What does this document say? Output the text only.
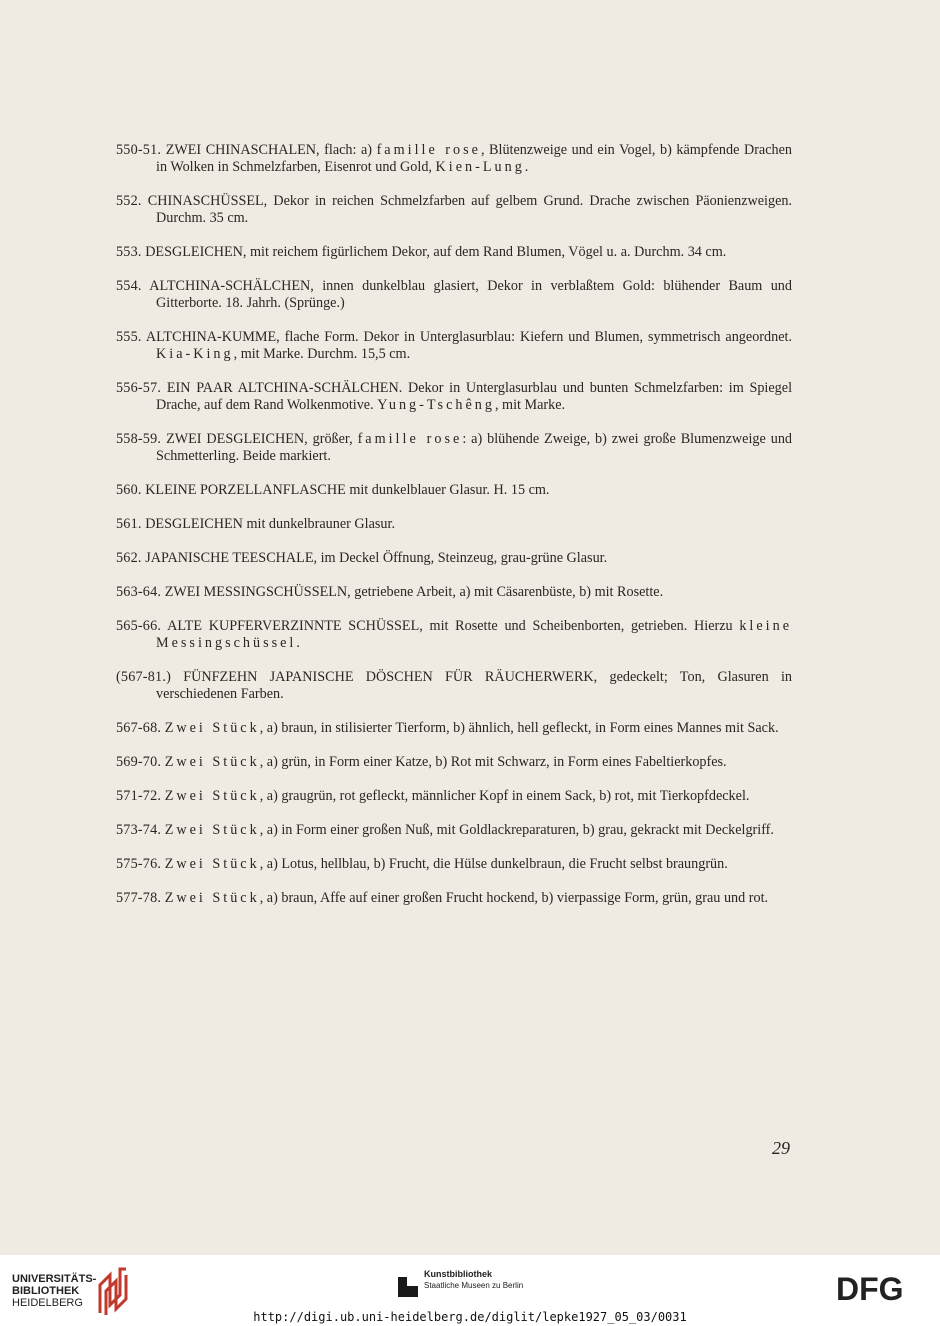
550-51. ZWEI CHINASCHALEN, flach: a) famille rose, Blütenzweige und ein Vogel, b) kämpfende Drachen in Wolken in Schmelzfarben, Eisenrot und Gold, Kien-Lung.

552. CHINASCHÜSSEL, Dekor in reichen Schmelzfarben auf gelbem Grund. Drache zwischen Päonienzweigen. Durchm. 35 cm.

553. DESGLEICHEN, mit reichem figürlichem Dekor, auf dem Rand Blumen, Vögel u. a. Durchm. 34 cm.

554. ALTCHINA-SCHÄLCHEN, innen dunkelblau glasiert, Dekor in verblaßtem Gold: blühender Baum und Gitterborte. 18. Jahrh. (Sprünge.)

555. ALTCHINA-KUMME, flache Form. Dekor in Unterglasurblau: Kiefern und Blumen, symmetrisch angeordnet. Kia-King, mit Marke. Durchm. 15,5 cm.

556-57. EIN PAAR ALTCHINA-SCHÄLCHEN. Dekor in Unterglasurblau und bunten Schmelzfarben: im Spiegel Drache, auf dem Rand Wolkenmotive. Yung-Tschêng, mit Marke.

558-59. ZWEI DESGLEICHEN, größer, famille rose: a) blühende Zweige, b) zwei große Blumenzweige und Schmetterling. Beide markiert.

560. KLEINE PORZELLANFLASCHE mit dunkelblauer Glasur. H. 15 cm.

561. DESGLEICHEN mit dunkelbrauner Glasur.

562. JAPANISCHE TEESCHALE, im Deckel Öffnung, Steinzeug, grau-grüne Glasur.

563-64. ZWEI MESSINGSCHÜSSELN, getriebene Arbeit, a) mit Cäsarenbüste, b) mit Rosette.

565-66. ALTE KUPFERVERZINNTE SCHÜSSEL, mit Rosette und Scheibenborten, getrieben. Hierzu kleine Messingschüssel.

(567-81.) FÜNFZEHN JAPANISCHE DÖSCHEN FÜR RÄUCHERWERK, gedeckelt; Ton, Glasuren in verschiedenen Farben.

567-68. Zwei Stück, a) braun, in stilisierter Tierform, b) ähnlich, hell gefleckt, in Form eines Mannes mit Sack.

569-70. Zwei Stück, a) grün, in Form einer Katze, b) Rot mit Schwarz, in Form eines Fabeltierkopfes.

571-72. Zwei Stück, a) graugrün, rot gefleckt, männlicher Kopf in einem Sack, b) rot, mit Tierkopfdeckel.

573-74. Zwei Stück, a) in Form einer großen Nuß, mit Goldlackreparaturen, b) grau, gekrackt mit Deckelgriff.

575-76. Zwei Stück, a) Lotus, hellblau, b) Frucht, die Hülse dunkelbraun, die Frucht selbst braungrün.

577-78. Zwei Stück, a) braun, Affe auf einer großen Frucht hockend, b) vierpassige Form, grün, grau und rot.

29
UNIVERSITÄTS-
BIBLIOTHEK
HEIDELBERG
Kunstbibliothek
Staatliche Museen zu Berlin	DFG
http://digi.ub.uni-heidelberg.de/diglit/lepke1927_05_03/0031
